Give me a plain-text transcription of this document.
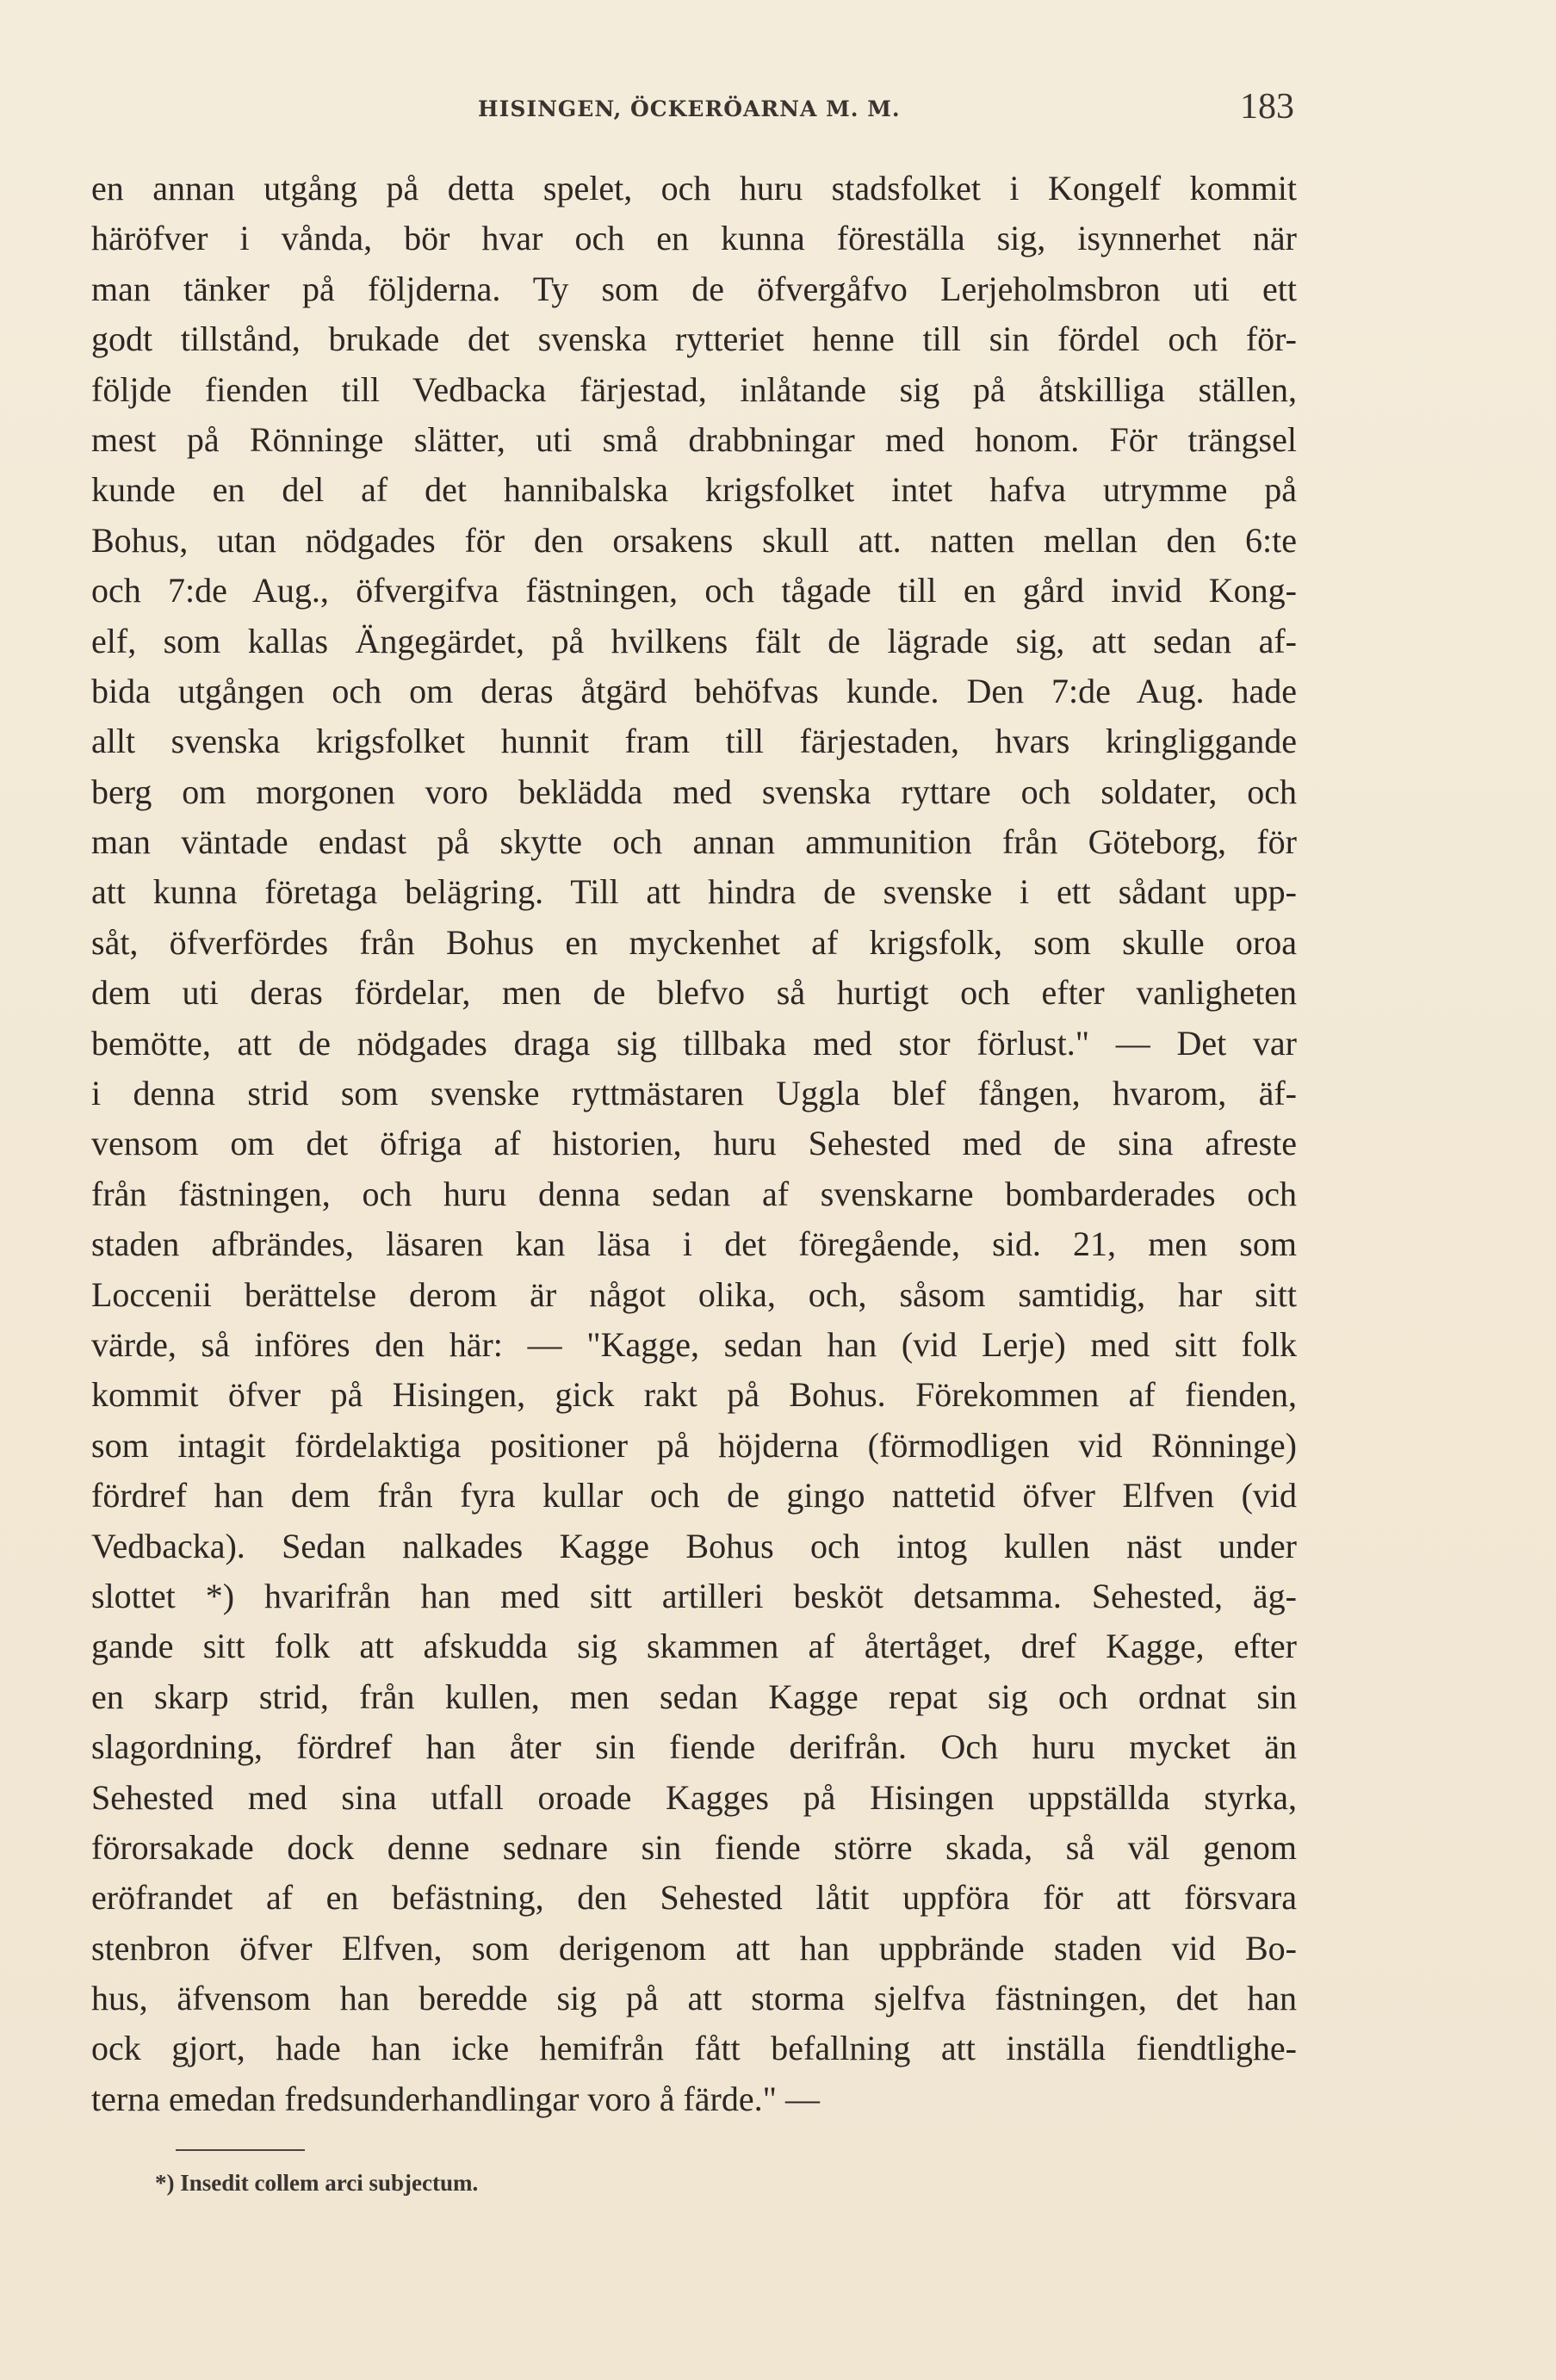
HISINGEN, ÖCKERÖARNA M. M.	183
en annan utgång på detta spelet, och huru stadsfolket i Kongelf kommit
häröfver i vånda, bör hvar och en kunna föreställa sig, isynnerhet när
man tänker på följderna. Ty som de öfvergåfvo Lerjeholmsbron uti ett
godt tillstånd, brukade det svenska rytteriet henne till sin fördel och för-
följde fienden till Vedbacka färjestad, inlåtande sig på åtskilliga ställen,
mest på Rönninge slätter, uti små drabbningar med honom. För trängsel
kunde en del af det hannibalska krigsfolket intet hafva utrymme på
Bohus, utan nödgades för den orsakens skull att. natten mellan den 6:te
och 7:de Aug., öfvergifva fästningen, och tågade till en gård invid Kong-
elf, som kallas Ängegärdet, på hvilkens fält de lägrade sig, att sedan af-
bida utgången och om deras åtgärd behöfvas kunde. Den 7:de Aug. hade
allt svenska krigsfolket hunnit fram till färjestaden, hvars kringliggande
berg om morgonen voro beklädda med svenska ryttare och soldater, och
man väntade endast på skytte och annan ammunition från Göteborg, för
att kunna företaga belägring. Till att hindra de svenske i ett sådant upp-
såt, öfverfördes från Bohus en myckenhet af krigsfolk, som skulle oroa
dem uti deras fördelar, men de blefvo så hurtigt och efter vanligheten
bemötte, att de nödgades draga sig tillbaka med stor förlust." — Det var
i denna strid som svenske ryttmästaren Uggla blef fången, hvarom, äf-
vensom om det öfriga af historien, huru Sehested med de sina afreste
från fästningen, och huru denna sedan af svenskarne bombarderades och
staden afbrändes, läsaren kan läsa i det föregående, sid. 21, men som
Loccenii berättelse derom är något olika, och, såsom samtidig, har sitt
värde, så införes den här: — "Kagge, sedan han (vid Lerje) med sitt folk
kommit öfver på Hisingen, gick rakt på Bohus. Förekommen af fienden,
som intagit fördelaktiga positioner på höjderna (förmodligen vid Rönninge)
fördref han dem från fyra kullar och de gingo nattetid öfver Elfven (vid
Vedbacka). Sedan nalkades Kagge Bohus och intog kullen näst under
slottet *) hvarifrån han med sitt artilleri besköt detsamma. Sehested, äg-
gande sitt folk att afskudda sig skammen af återtåget, dref Kagge, efter
en skarp strid, från kullen, men sedan Kagge repat sig och ordnat sin
slagordning, fördref han åter sin fiende derifrån. Och huru mycket än
Sehested med sina utfall oroade Kagges på Hisingen uppställda styrka,
förorsakade dock denne sednare sin fiende större skada, så väl genom
eröfrandet af en befästning, den Sehested låtit uppföra för att försvara
stenbron öfver Elfven, som derigenom att han uppbrände staden vid Bo-
hus, äfvensom han beredde sig på att storma sjelfva fästningen, det han
ock gjort, hade han icke hemifrån fått befallning att inställa fiendtlighe-
terna emedan fredsunderhandlingar voro å färde." —
*) Insedit collem arci subjectum.
